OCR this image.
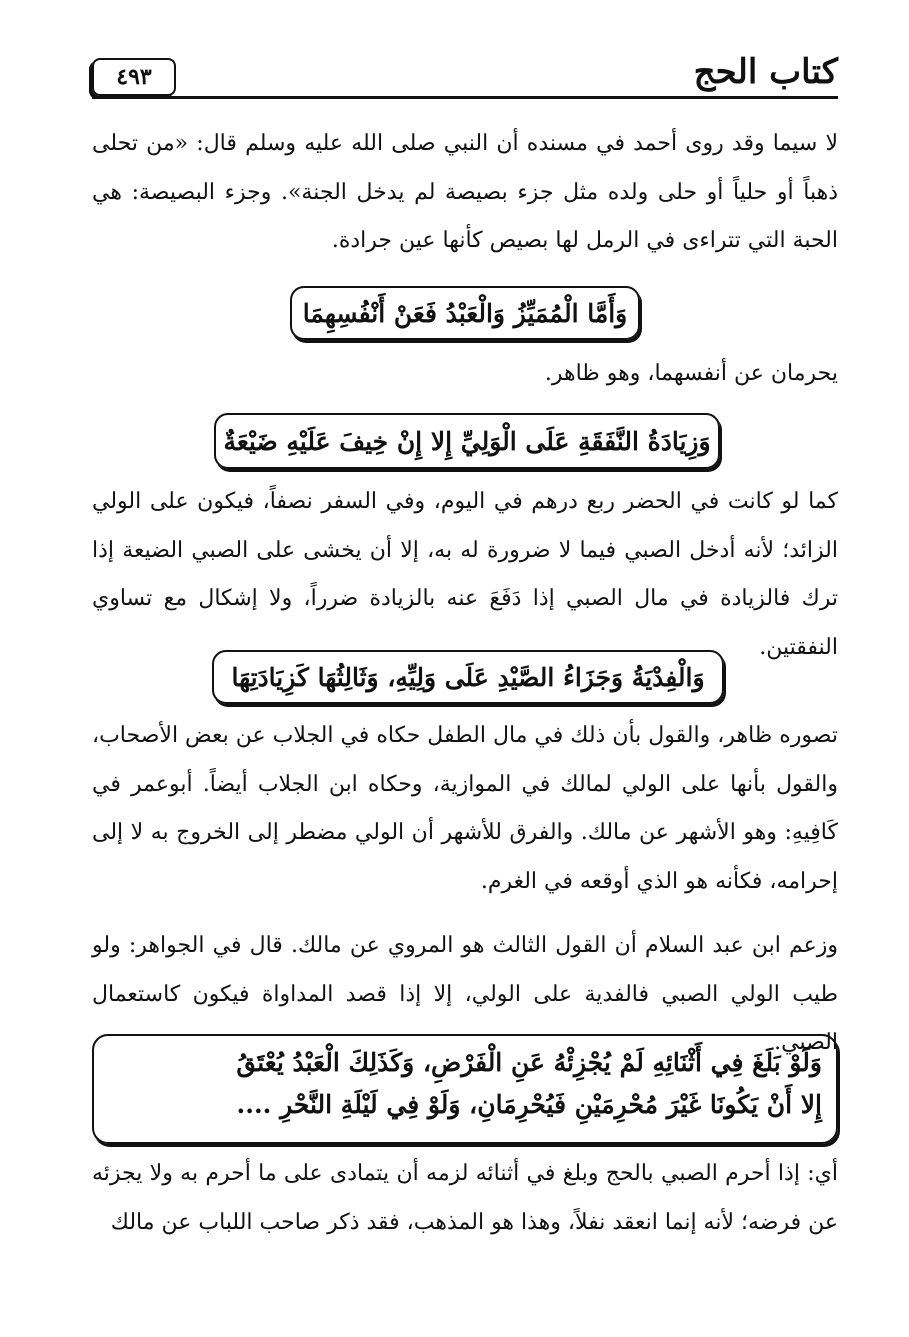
كتاب الحج
٤٩٣

لا سيما وقد روى أحمد في مسنده أن النبي صلى الله عليه وسلم قال: «من تحلى ذهباً أو حلياً أو حلى ولده مثل جزء بصيصة لم يدخل الجنة». وجزء البصيصة: هي الحبة التي تتراءى في الرمل لها بصيص كأنها عين جرادة.

وَأَمَّا الْمُمَيِّزُ وَالْعَبْدُ فَعَنْ أَنْفُسِهِمَا

يحرمان عن أنفسهما، وهو ظاهر.

وَزِيَادَةُ النَّفَقَةِ عَلَى الْوَلِيِّ إِلا إِنْ خِيفَ عَلَيْهِ ضَيْعَةٌ

كما لو كانت في الحضر ربع درهم في اليوم، وفي السفر نصفاً، فيكون على الولي الزائد؛ لأنه أدخل الصبي فيما لا ضرورة له به، إلا أن يخشى على الصبي الضيعة إذا ترك فالزيادة في مال الصبي إذا دَفَعَ عنه بالزيادة ضرراً، ولا إشكال مع تساوي النفقتين.

وَالْفِدْيَةُ وَجَزَاءُ الصَّيْدِ عَلَى وَلِيِّهِ، وَثَالِثُهَا كَزِيَادَتِهَا

تصوره ظاهر، والقول بأن ذلك في مال الطفل حكاه في الجلاب عن بعض الأصحاب، والقول بأنها على الولي لمالك في الموازية، وحكاه ابن الجلاب أيضاً. أبوعمر في كَافِيهِ: وهو الأشهر عن مالك. والفرق للأشهر أن الولي مضطر إلى الخروج به لا إلى إحرامه، فكأنه هو الذي أوقعه في الغرم.

وزعم ابن عبد السلام أن القول الثالث هو المروي عن مالك. قال في الجواهر: ولو طيب الولي الصبي فالفدية على الولي، إلا إذا قصد المداواة فيكون كاستعمال الصبي.

وَلَوْ بَلَغَ فِي أَثْنَائِهِ لَمْ يُجْزِئْهُ عَنِ الْفَرْضِ، وَكَذَلِكَ الْعَبْدُ يُعْتَقُ

إِلا أَنْ يَكُونَا غَيْرَ مُحْرِمَيْنِ فَيُحْرِمَانِ، وَلَوْ فِي لَيْلَةِ النَّحْرِ ....

أي: إذا أحرم الصبي بالحج وبلغ في أثنائه لزمه أن يتمادى على ما أحرم به ولا يجزئه عن فرضه؛ لأنه إنما انعقد نفلاً، وهذا هو المذهب، فقد ذكر صاحب اللباب عن مالك
